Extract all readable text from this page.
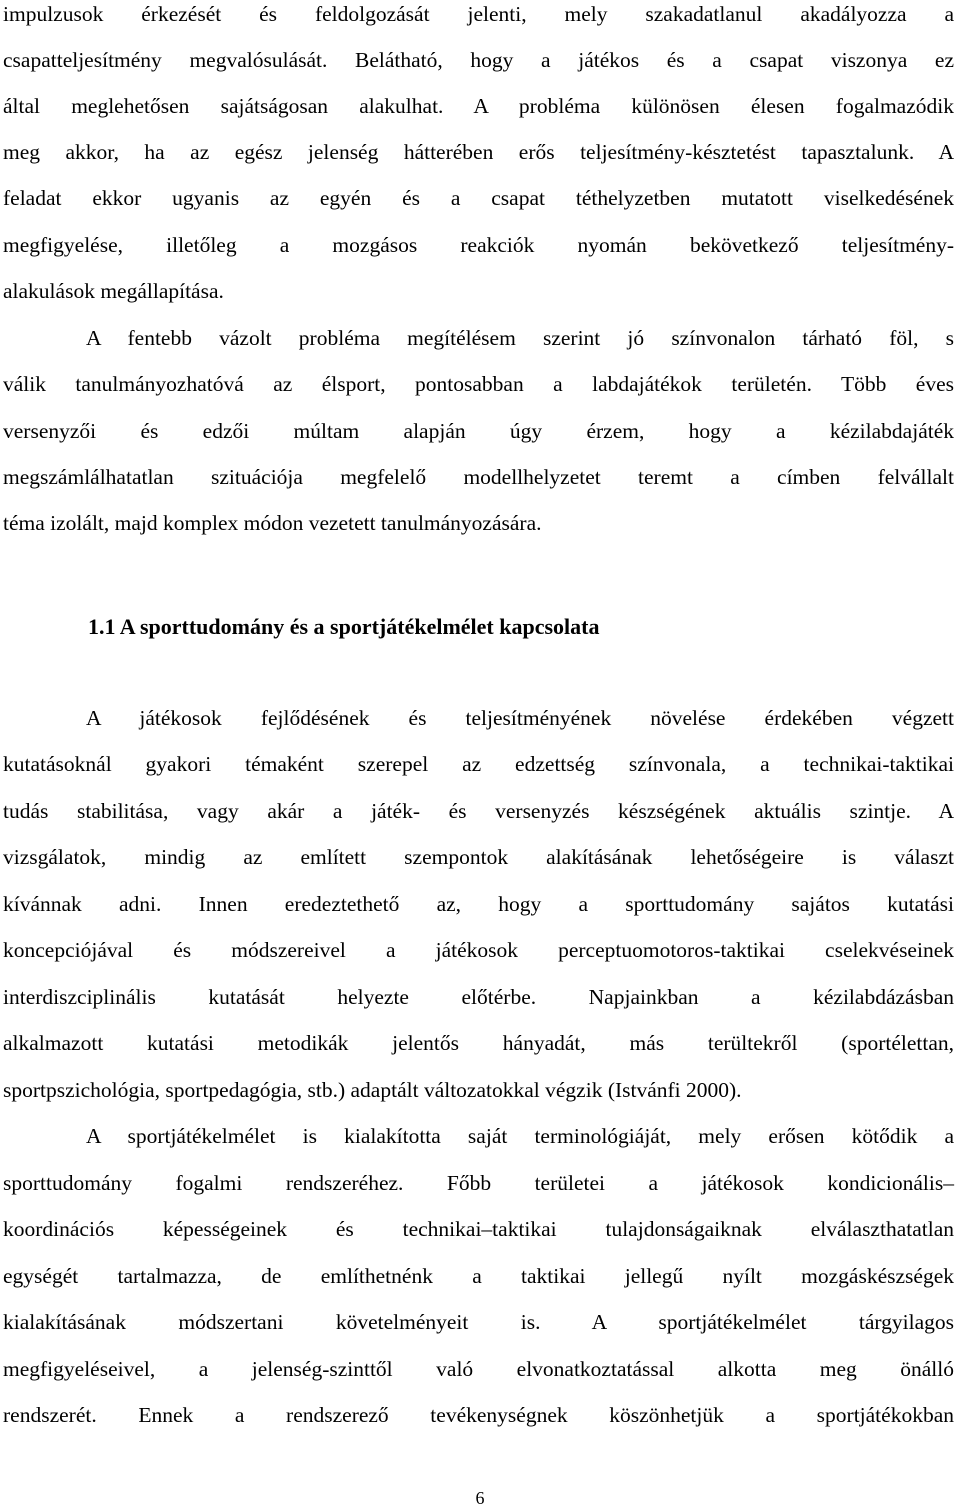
impulzusok érkezését és feldolgozását jelenti, mely szakadatlanul akadályozza a
csapatteljesítmény megvalósulását. Belátható, hogy a játékos és a csapat viszonya ez
által meglehetősen sajátságosan alakulhat. A probléma különösen élesen fogalmazódik
meg akkor, ha az egész jelenség hátterében erős teljesítmény-késztetést tapasztalunk. A
feladat ekkor ugyanis az egyén és a csapat téthelyzetben mutatott viselkedésének
megfigyelése, illetőleg a mozgásos reakciók nyomán bekövetkező teljesítmény-
alakulások megállapítása.
A fentebb vázolt probléma megítélésem szerint jó színvonalon tárható föl, s
válik tanulmányozhatóvá az élsport, pontosabban a labdajátékok területén. Több éves
versenyzői és edzői múltam alapján úgy érzem, hogy a kézilabdajáték
megszámlálhatatlan szituációja megfelelő modellhelyzetet teremt a címben felvállalt
téma izolált, majd komplex módon vezetett tanulmányozására.
1.1 A sporttudomány és a sportjátékelmélet kapcsolata
A játékosok fejlődésének és teljesítményének növelése érdekében végzett
kutatásoknál gyakori témaként szerepel az edzettség színvonala, a technikai-taktikai
tudás stabilitása, vagy akár a játék- és versenyzés készségének aktuális szintje. A
vizsgálatok, mindig az említett szempontok alakításának lehetőségeire is választ
kívánnak adni. Innen eredeztethető az, hogy a sporttudomány sajátos kutatási
koncepciójával és módszereivel a játékosok perceptuomotoros-taktikai cselekvéseinek
interdiszciplinális kutatását helyezte előtérbe. Napjainkban a kézilabdázásban
alkalmazott kutatási metodikák jelentős hányadát, más terültekről (sportélettan,
sportpszichológia, sportpedagógia, stb.) adaptált változatokkal végzik (Istvánfi 2000).
A sportjátékelmélet is kialakította saját terminológiáját, mely erősen kötődik a
sporttudomány fogalmi rendszeréhez. Főbb területei a játékosok kondicionális–
koordinációs képességeinek és technikai–taktikai tulajdonságaiknak elválaszthatatlan
egységét tartalmazza, de említhetnénk a taktikai jellegű nyílt mozgáskészségek
kialakításának módszertani követelményeit is. A sportjátékelmélet tárgyilagos
megfigyeléseivel, a jelenség-szinttől való elvonatkoztatással alkotta meg önálló
rendszerét. Ennek a rendszerező tevékenységnek köszönhetjük a sportjátékokban
6
